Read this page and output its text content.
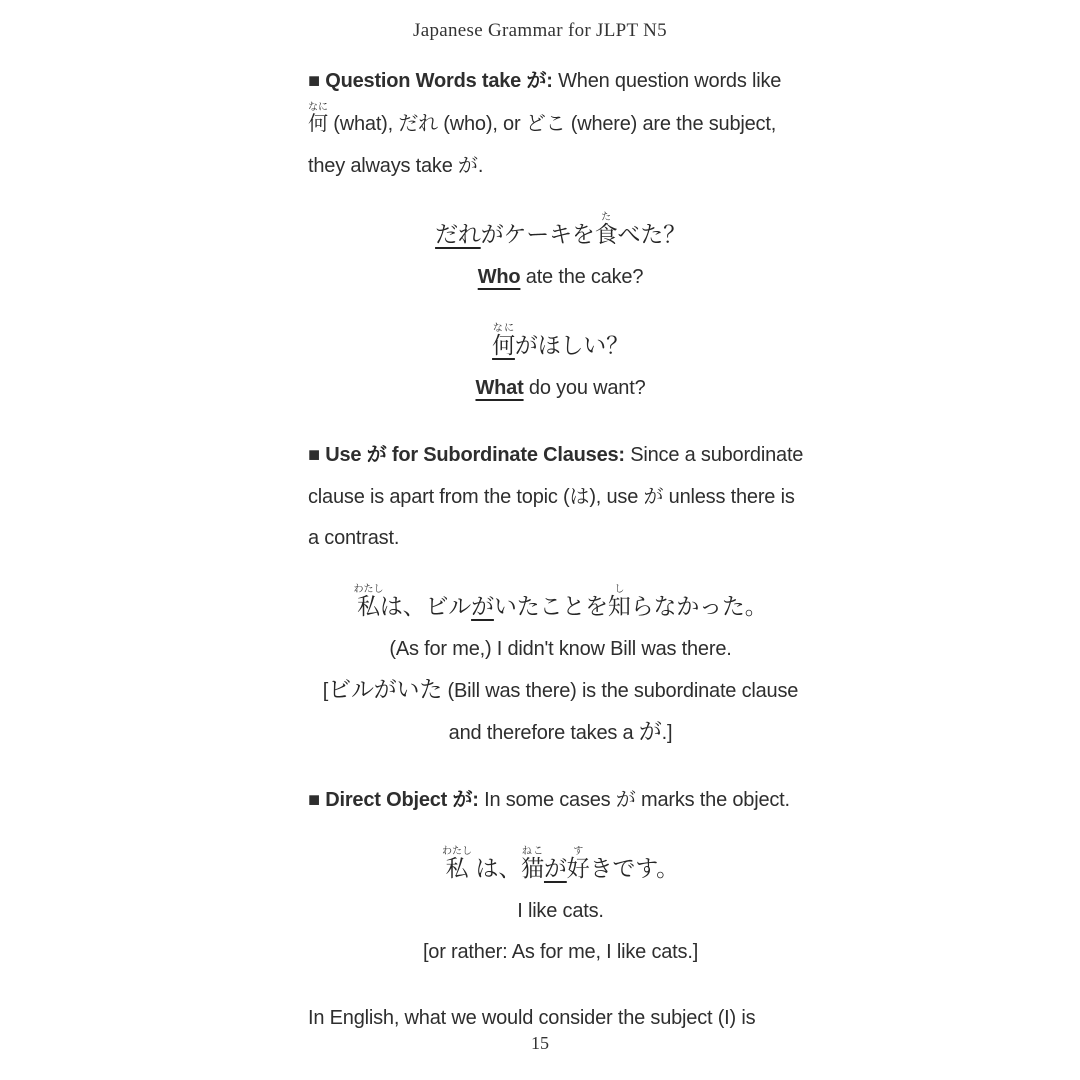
Japanese Grammar for JLPT N5
■ Question Words take が: When question words like
何なに (what), だれ (who), or どこ (where) are the subject,
they always take が.
だれがケーキを食たべた？
Who ate the cake?
何なにがほしい？
What do you want?
■ Use が for Subordinate Clauses: Since a subordinate
clause is apart from the topic (は), use が unless there is
a contrast.
私わたしは、ビルがいたことを知しらなかった。
(As for me,) I didn't know Bill was there.
[ビルがいた (Bill was there) is the subordinate clause
and therefore takes a が.]
■ Direct Object が: In some cases が marks the object.
私わたし は、猫ねこが好すきです。
I like cats.
[or rather: As for me, I like cats.]
In English, what we would consider the subject (I) is
15
